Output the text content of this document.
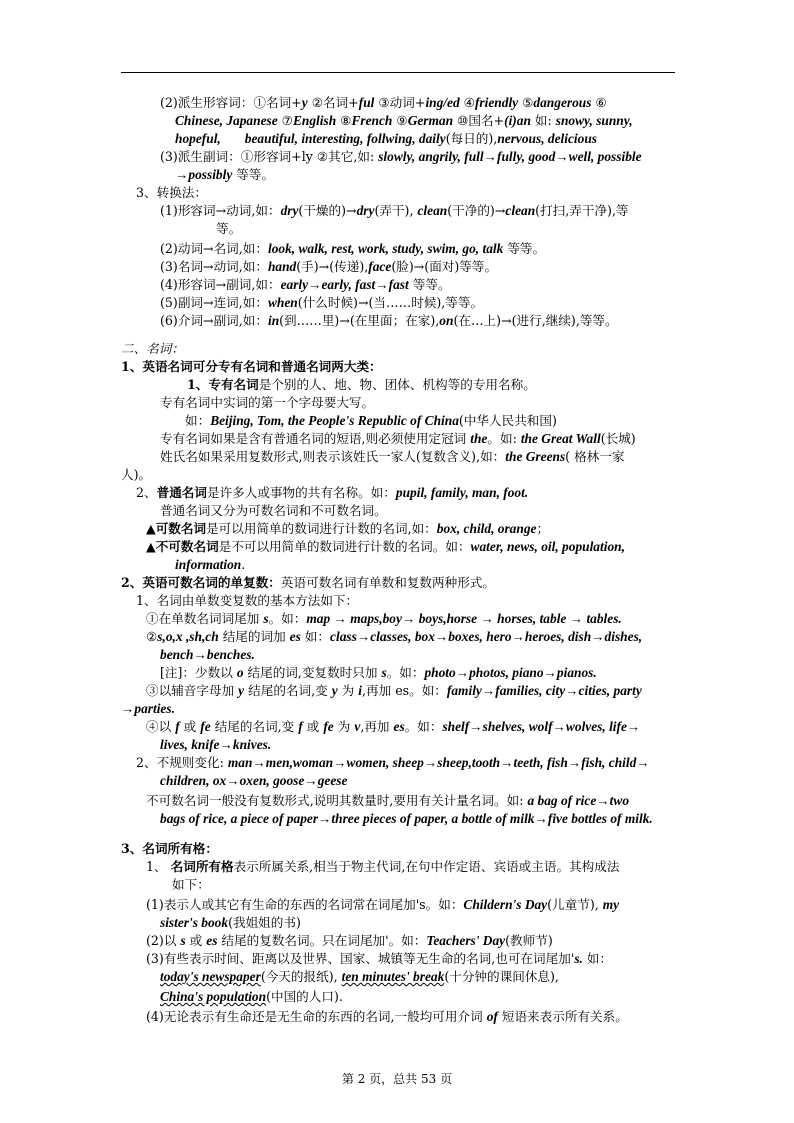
(2)派生形容词：①名词+y ②名词+ful ③动词+ing/ed ④friendly ⑤dangerous ⑥
Chinese, Japanese ⑦English ⑧French ⑨German ⑩国名+(i)an 如: snowy, sunny,
hopeful, beautiful, interesting, follwing, daily(每日的),nervous, delicious
(3)派生副词：①形容词+ly ②其它,如: slowly, angrily, full→fully, good→well, possible
→possibly 等等。
3、转换法：
(1)形容词→动词,如：dry(干燥的)→dry(弄干), clean(干净的)→clean(打扫,弄干净),等
等。
(2)动词→名词,如：look, walk, rest, work, study, swim, go, talk 等等。
(3)名词→动词,如：hand(手)→(传递),face(脸)→(面对)等等。
(4)形容词→副词,如：early→early, fast→fast 等等。
(5)副词→连词,如：when(什么时候)→(当……时候),等等。
(6)介词→副词,如：in(到……里)→(在里面；在家),on(在…上)→(进行,继续),等等。
二、名词：
1、英语名词可分专有名词和普通名词两大类：
1、专有名词是个别的人、地、物、团体、机构等的专用名称。
专有名词中实词的第一个字母要大写。
如：Beijing, Tom, the People's Republic of China(中华人民共和国)
专有名词如果是含有普通名词的短语,则必须使用定冠词 the。如: the Great Wall(长城)
姓氏名如果采用复数形式,则表示该姓氏一家人(复数含义),如：the Greens( 格林一家
人)。
2、普通名词是许多人或事物的共有名称。如：pupil, family, man, foot.
普通名词又分为可数名词和不可数名词。
▲可数名词是可以用简单的数词进行计数的名词,如：box, child, orange；
▲不可数名词是不可以用简单的数词进行计数的名词。如：water, news, oil, population,
information.
2、英语可数名词的单复数：英语可数名词有单数和复数两种形式。
1、名词由单数变复数的基本方法如下：
①在单数名词词尾加 s。如：map → maps,boy→ boys,horse → horses, table → tables.
②s,o,x ,sh,ch 结尾的词加 es 如：class→classes, box→boxes, hero→heroes, dish→dishes,
bench→benches.
[注]：少数以 o 结尾的词,变复数时只加 s。如：photo→photos, piano→pianos.
③以辅音字母加 y 结尾的名词,变 y 为 i,再加 es。如：family→families, city→cities, party
→parties.
④以 f 或 fe 结尾的名词,变 f 或 fe 为 v,再加 es。如：shelf→shelves, wolf→wolves, life→
lives, knife→knives.
2、不规则变化: man→men,woman→women, sheep→sheep,tooth→teeth, fish→fish, child→
children, ox→oxen, goose→geese
不可数名词一般没有复数形式,说明其数量时,要用有关计量名词。如: a bag of rice→two
bags of rice, a piece of paper→three pieces of paper, a bottle of milk→five bottles of milk.
3、名词所有格：
1、 名词所有格表示所属关系,相当于物主代词,在句中作定语、宾语或主语。其构成法
如下：
(1)表示人或其它有生命的东西的名词常在词尾加's。如：Childern's Day(儿童节), my
sister's book(我姐姐的书)
(2)以 s 或 es 结尾的复数名词。只在词尾加'。如：Teachers' Day(教师节)
(3)有些表示时间、距离以及世界、国家、城镇等无生命的名词,也可在词尾加's. 如：
today's newspaper(今天的报纸), ten minutes' break(十分钟的课间休息),
China's population(中国的人口).
(4)无论表示有生命还是无生命的东西的名词,一般均可用介词 of 短语来表示所有关系。
第 2 页，总共 53 页
